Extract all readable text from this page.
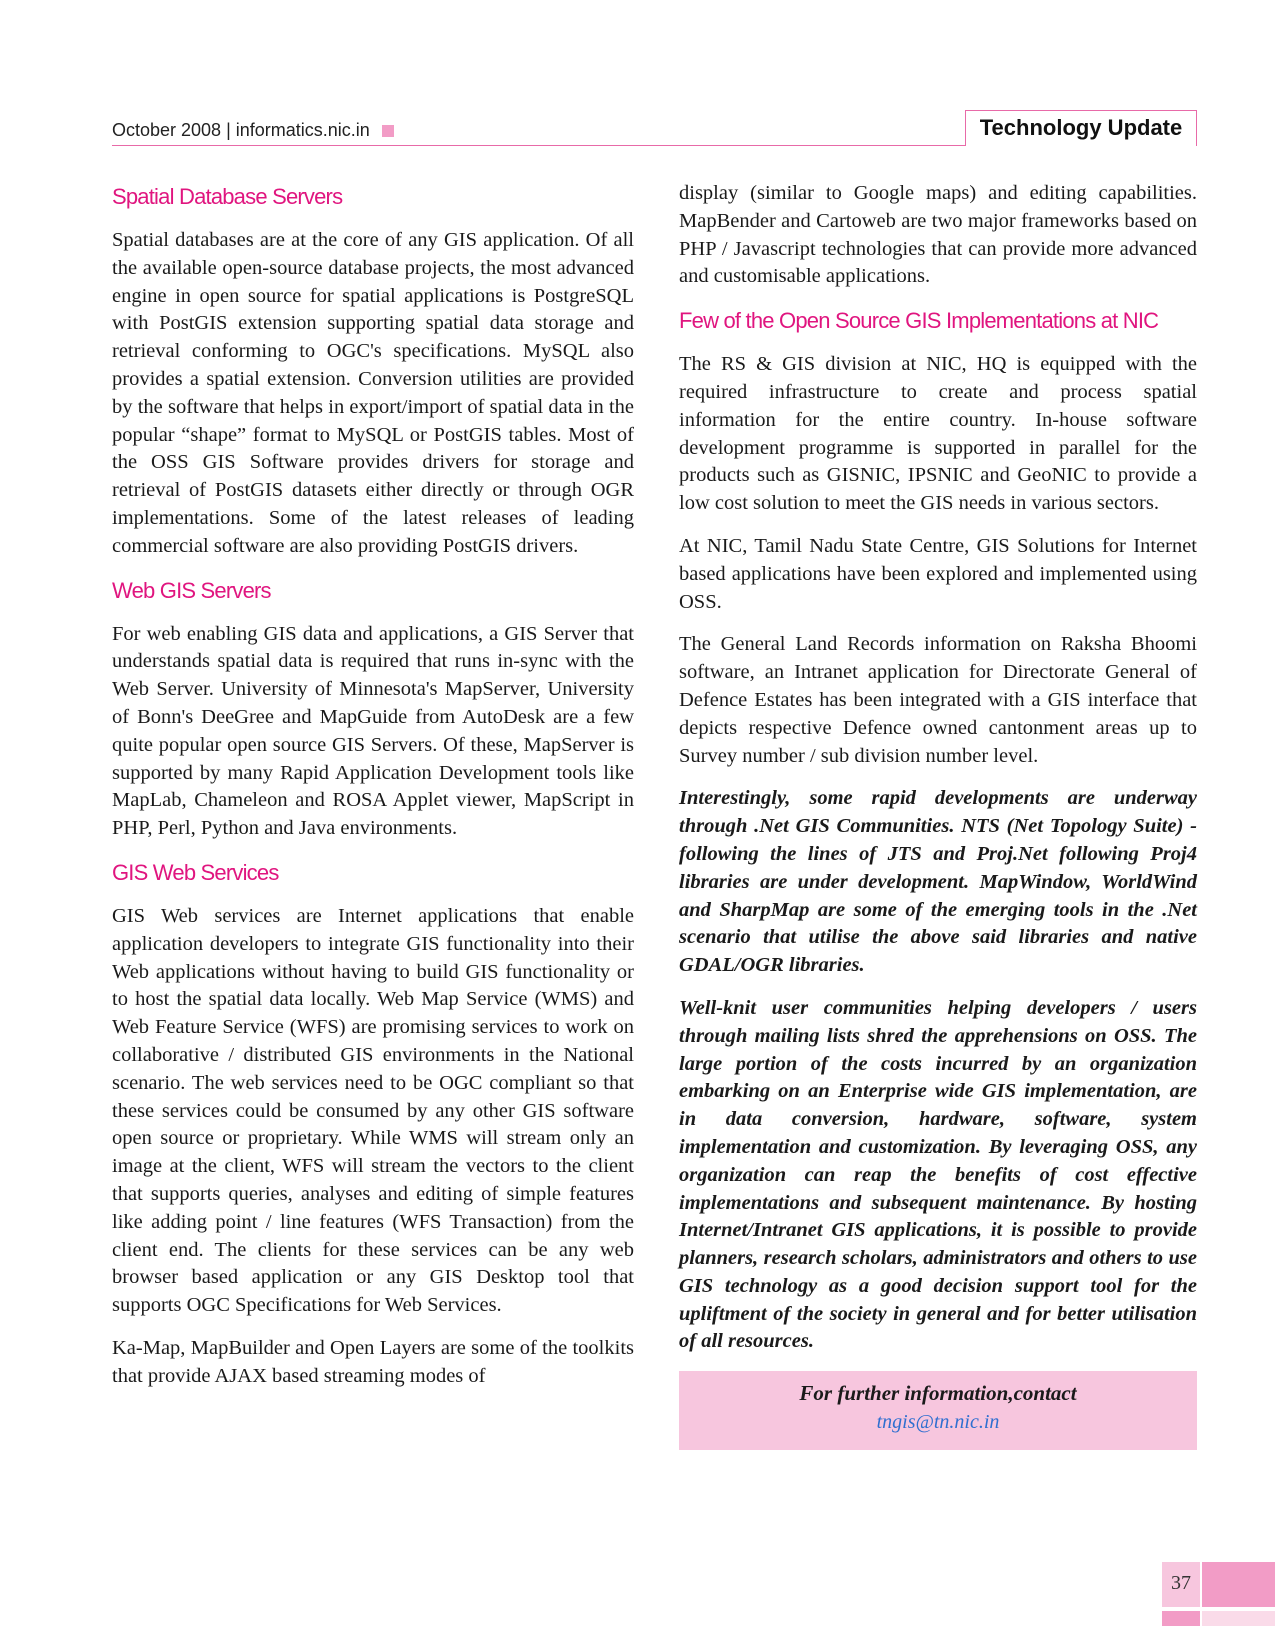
October 2008 | informatics.nic.in	Technology Update
Spatial Database Servers

Spatial databases are at the core of any GIS application. Of all the available open-source database projects, the most advanced engine in open source for spatial applications is PostgreSQL with PostGIS extension supporting spatial data storage and retrieval conforming to OGC's specifications. MySQL also provides a spatial extension. Conversion utilities are provided by the software that helps in export/import of spatial data in the popular “shape” format to MySQL or PostGIS tables. Most of the OSS GIS Software provides drivers for storage and retrieval of PostGIS datasets either directly or through OGR implementations. Some of the latest releases of leading commercial software are also providing PostGIS drivers.

Web GIS Servers

For web enabling GIS data and applications, a GIS Server that understands spatial data is required that runs in-sync with the Web Server. University of Minnesota's MapServer, University of Bonn's DeeGree and MapGuide from AutoDesk are a few quite popular open source GIS Servers. Of these, MapServer is supported by many Rapid Application Development tools like MapLab, Chameleon and ROSA Applet viewer, MapScript in PHP, Perl, Python and Java environments.

GIS Web Services

GIS Web services are Internet applications that enable application developers to integrate GIS functionality into their Web applications without having to build GIS functionality or to host the spatial data locally. Web Map Service (WMS) and Web Feature Service (WFS) are promising services to work on collaborative / distributed GIS environments in the National scenario. The web services need to be OGC compliant so that these services could be consumed by any other GIS software open source or proprietary. While WMS will stream only an image at the client, WFS will stream the vectors to the client that supports queries, analyses and editing of simple features like adding point / line features (WFS Transaction) from the client end. The clients for these services can be any web browser based application or any GIS Desktop tool that supports OGC Specifications for Web Services.

Ka-Map, MapBuilder and Open Layers are some of the toolkits that provide AJAX based streaming modes of

display (similar to Google maps) and editing capabilities. MapBender and Cartoweb are two major frameworks based on PHP / Javascript technologies that can provide more advanced and customisable applications.

Few of the Open Source GIS Implementations at NIC

The RS & GIS division at NIC, HQ is equipped with the required infrastructure to create and process spatial information for the entire country. In-house software development programme is supported in parallel for the products such as GISNIC, IPSNIC and GeoNIC to provide a low cost solution to meet the GIS needs in various sectors.

At NIC, Tamil Nadu State Centre, GIS Solutions for Internet based applications have been explored and implemented using OSS.

The General Land Records information on Raksha Bhoomi software, an Intranet application for Directorate General of Defence Estates has been integrated with a GIS interface that depicts respective Defence owned cantonment areas up to Survey number / sub division number level.

Interestingly, some rapid developments are underway through .Net GIS Communities. NTS (Net Topology Suite) - following the lines of JTS and Proj.Net following Proj4 libraries are under development. MapWindow, WorldWind and SharpMap are some of the emerging tools in the .Net scenario that utilise the above said libraries and native GDAL/OGR libraries.

Well-knit user communities helping developers / users through mailing lists shred the apprehensions on OSS. The large portion of the costs incurred by an organization embarking on an Enterprise wide GIS implementation, are in data conversion, hardware, software, system implementation and customization. By leveraging OSS, any organization can reap the benefits of cost effective implementations and subsequent maintenance. By hosting Internet/Intranet GIS applications, it is possible to provide planners, research scholars, administrators and others to use GIS technology as a good decision support tool for the upliftment of the society in general and for better utilisation of all resources.

For further information,contact
tngis@tn.nic.in
37
